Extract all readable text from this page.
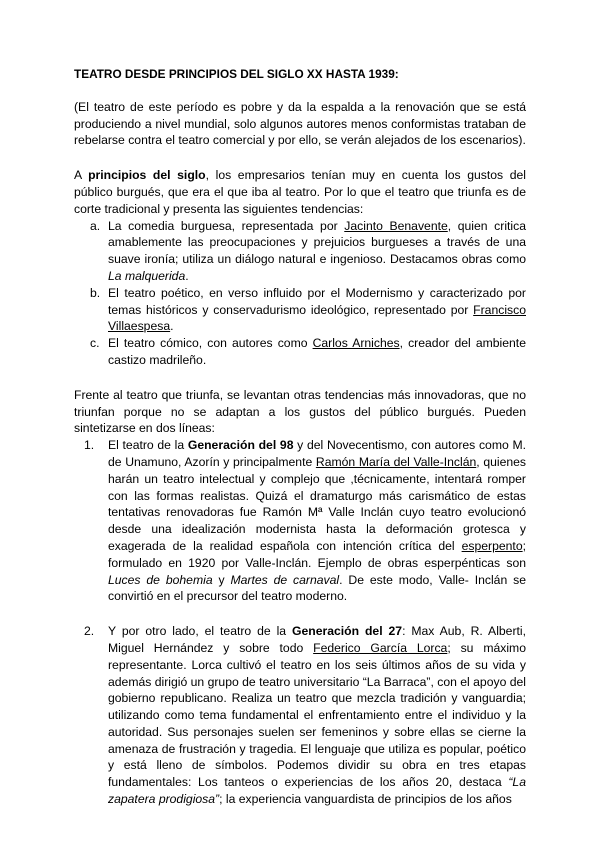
TEATRO DESDE PRINCIPIOS DEL SIGLO XX HASTA 1939:

(El teatro de este período es pobre y da la espalda a la renovación que se está produciendo a nivel mundial, solo algunos autores menos conformistas trataban de rebelarse contra el teatro comercial y por ello, se verán alejados de los escenarios).

A principios del siglo, los empresarios tenían muy en cuenta los gustos del público burgués, que era el que iba al teatro. Por lo que el teatro que triunfa es de corte tradicional y presenta las siguientes tendencias:

a. La comedia burguesa, representada por Jacinto Benavente, quien critica amablemente las preocupaciones y prejuicios burgueses a través de una suave ironía; utiliza un diálogo natural e ingenioso. Destacamos obras como La malquerida.
b. El teatro poético, en verso influido por el Modernismo y caracterizado por temas históricos y conservadurismo ideológico, representado por Francisco Villaespesa.
c. El teatro cómico, con autores como Carlos Arniches, creador del ambiente castizo madrileño.

Frente al teatro que triunfa, se levantan otras tendencias más innovadoras, que no triunfan porque no se adaptan a los gustos del público burgués. Pueden sintetizarse en dos líneas:

1. El teatro de la Generación del 98 y del Novecentismo, con autores como M. de Unamuno, Azorín y principalmente Ramón María del Valle-Inclán, quienes harán un teatro intelectual y complejo que ,técnicamente, intentará romper con las formas realistas. Quizá el dramaturgo más carismático de estas tentativas renovadoras fue Ramón Mª Valle Inclán cuyo teatro evolucionó desde una idealización modernista hasta la deformación grotesca y exagerada de la realidad española con intención crítica del esperpento; formulado en 1920 por Valle-Inclán. Ejemplo de obras esperpénticas son Luces de bohemia y Martes de carnaval. De este modo, Valle- Inclán se convirtió en el precursor del teatro moderno.
2. Y por otro lado, el teatro de la Generación del 27: Max Aub, R. Alberti, Miguel Hernández y sobre todo Federico García Lorca; su máximo representante. Lorca cultivó el teatro en los seis últimos años de su vida y además dirigió un grupo de teatro universitario “La Barraca”, con el apoyo del gobierno republicano. Realiza un teatro que mezcla tradición y vanguardia; utilizando como tema fundamental el enfrentamiento entre el individuo y la autoridad. Sus personajes suelen ser femeninos y sobre ellas se cierne la amenaza de frustración y tragedia. El lenguaje que utiliza es popular, poético y está lleno de símbolos. Podemos dividir su obra en tres etapas fundamentales: Los tanteos o experiencias de los años 20, destaca “La zapatera prodigiosa”; la experiencia vanguardista de principios de los años
